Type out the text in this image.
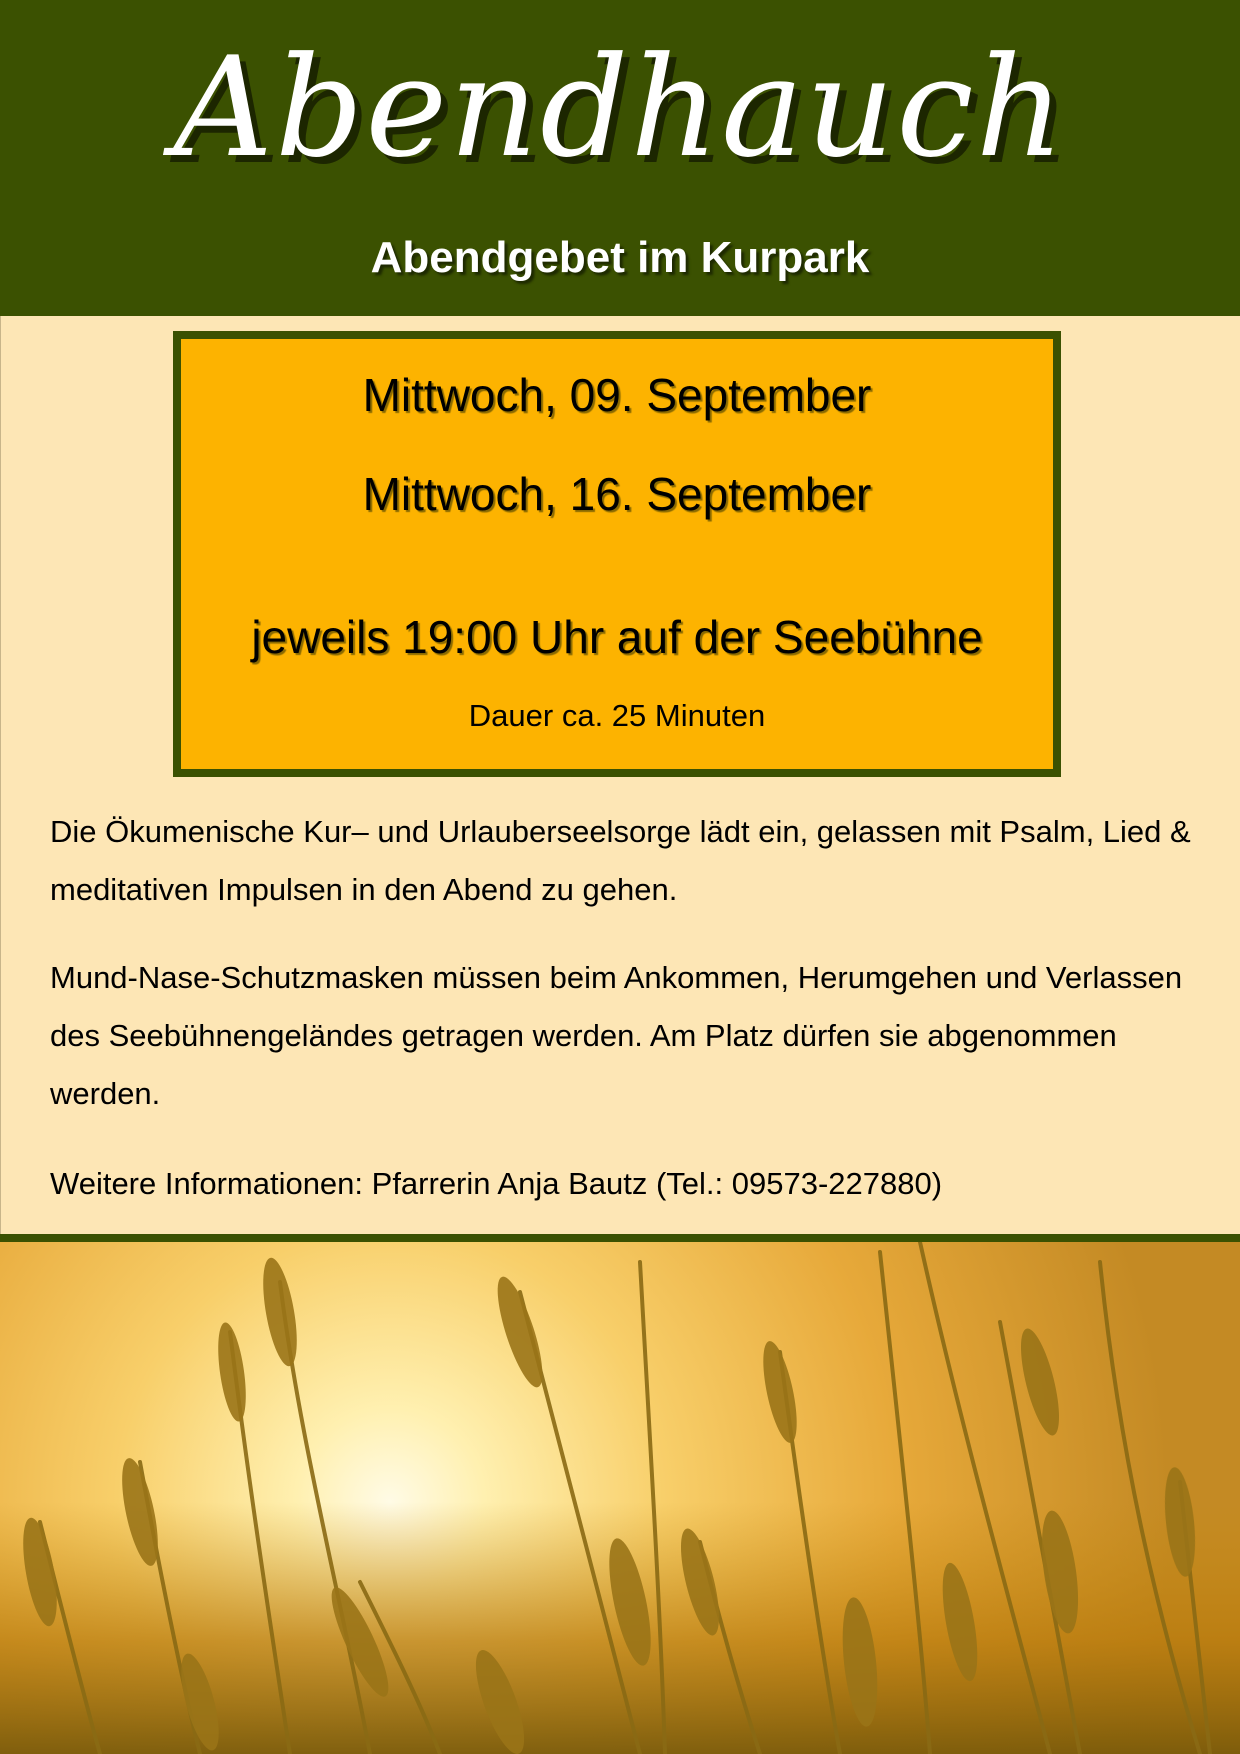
Abendhauch
Abendgebet im Kurpark
Mittwoch, 09. September
Mittwoch, 16. September
jeweils 19:00 Uhr auf der Seebühne
Dauer ca. 25 Minuten

Die Ökumenische Kur– und Urlauberseelsorge lädt ein, gelassen mit Psalm, Lied & meditativen Impulsen in den Abend zu gehen.

Mund-Nase-Schutzmasken müssen beim Ankommen, Herumgehen und Verlassen des Seebühnengeländes getragen werden. Am Platz dürfen sie abgenommen werden.

Weitere Informationen: Pfarrerin Anja Bautz (Tel.: 09573-227880)
